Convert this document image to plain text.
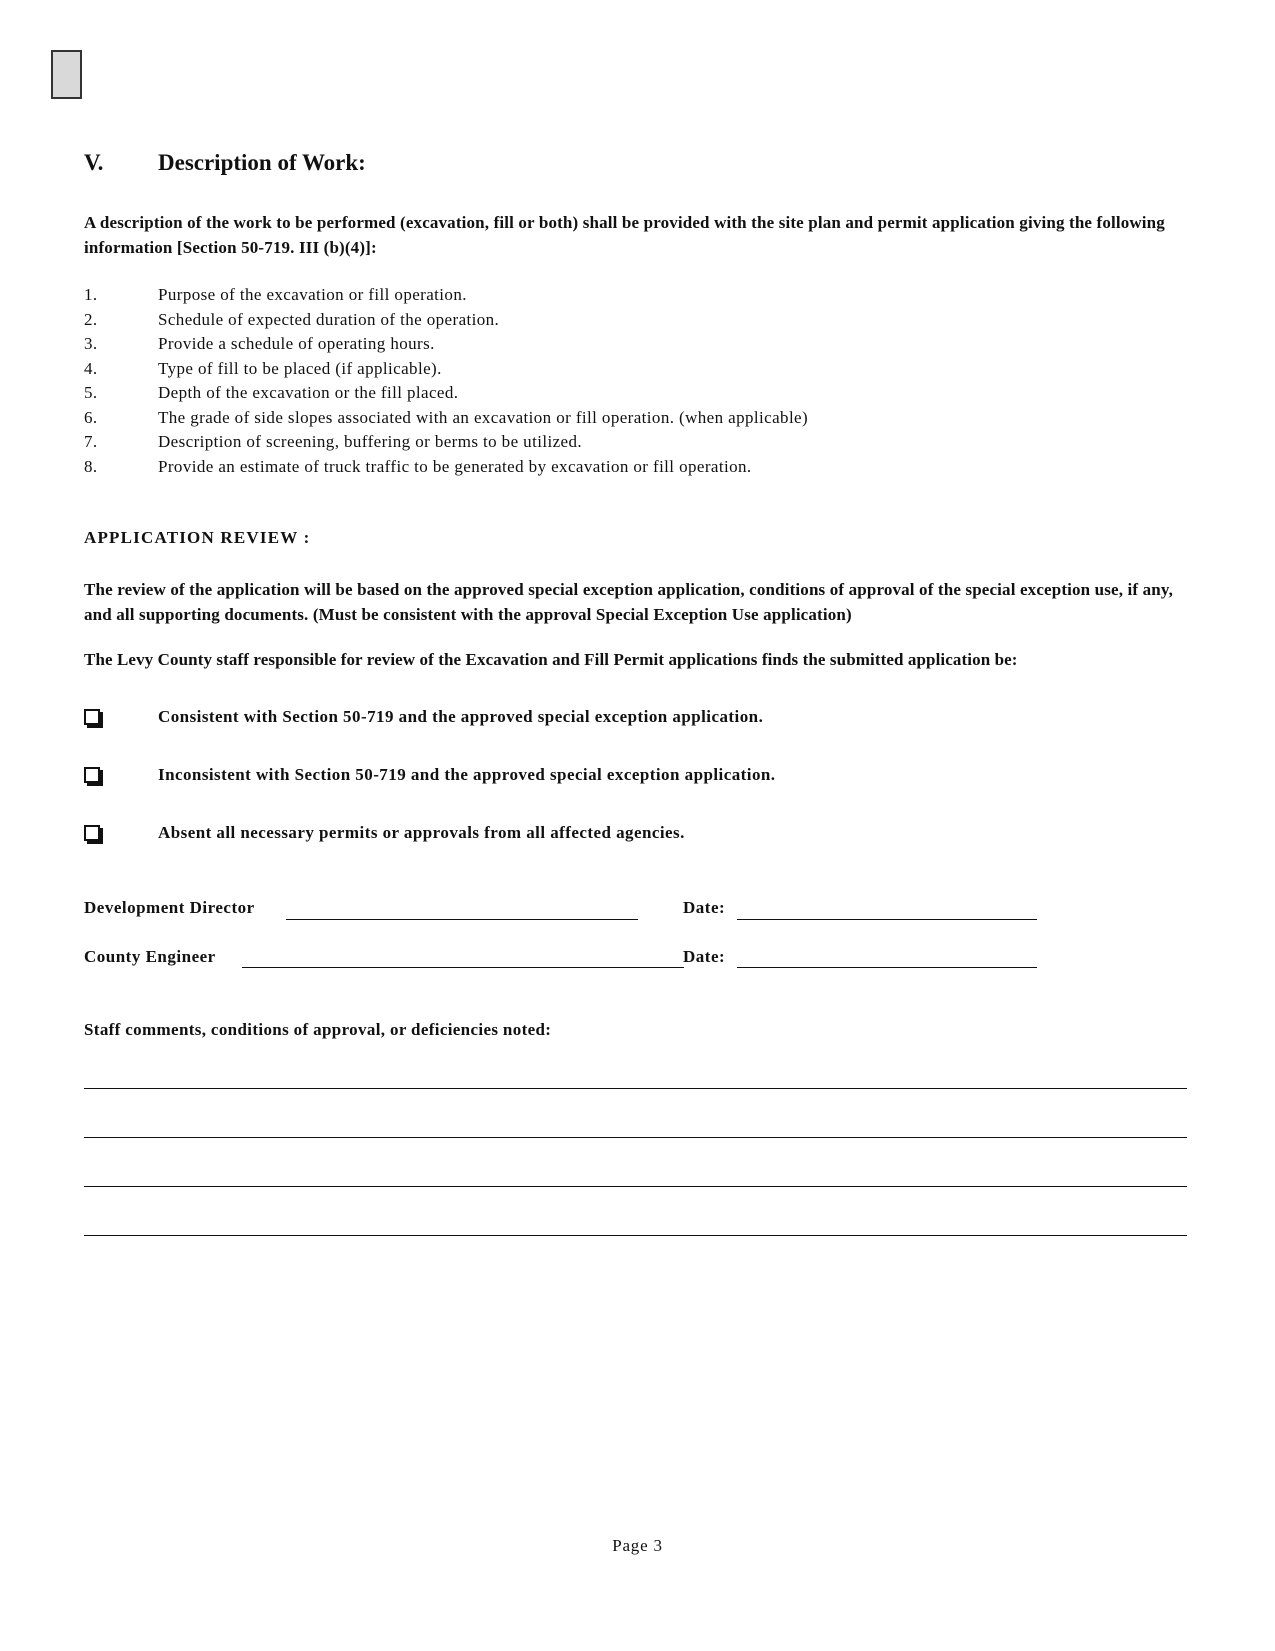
V. Description of Work:
A description of the work to be performed (excavation, fill or both) shall be provided with the site plan and permit application giving the following information [Section 50-719. III (b)(4)]:
1.	Purpose of the excavation or fill operation.
2.	Schedule of expected duration of the operation.
3.	Provide a schedule of operating hours.
4.	Type of fill to be placed (if applicable).
5.	Depth of the excavation or the fill placed.
6.	The grade of side slopes associated with an excavation or fill operation. (when applicable)
7.	Description of screening, buffering or berms to be utilized.
8.	Provide an estimate of truck traffic to be generated by excavation or fill operation.
APPLICATION REVIEW :
The review of the application will be based on the approved special exception application, conditions of approval of the special exception use, if any, and all supporting documents. (Must be consistent with the approval Special Exception Use application)
The Levy County staff responsible for review of the Excavation and Fill Permit applications finds the submitted application be:
Consistent with Section 50-719 and the approved special exception application.
Inconsistent with Section 50-719 and the approved special exception application.
Absent all necessary permits or approvals from all affected agencies.
Development Director	Date:
County Engineer	Date:
Staff comments, conditions of approval, or deficiencies noted:
Page 3
